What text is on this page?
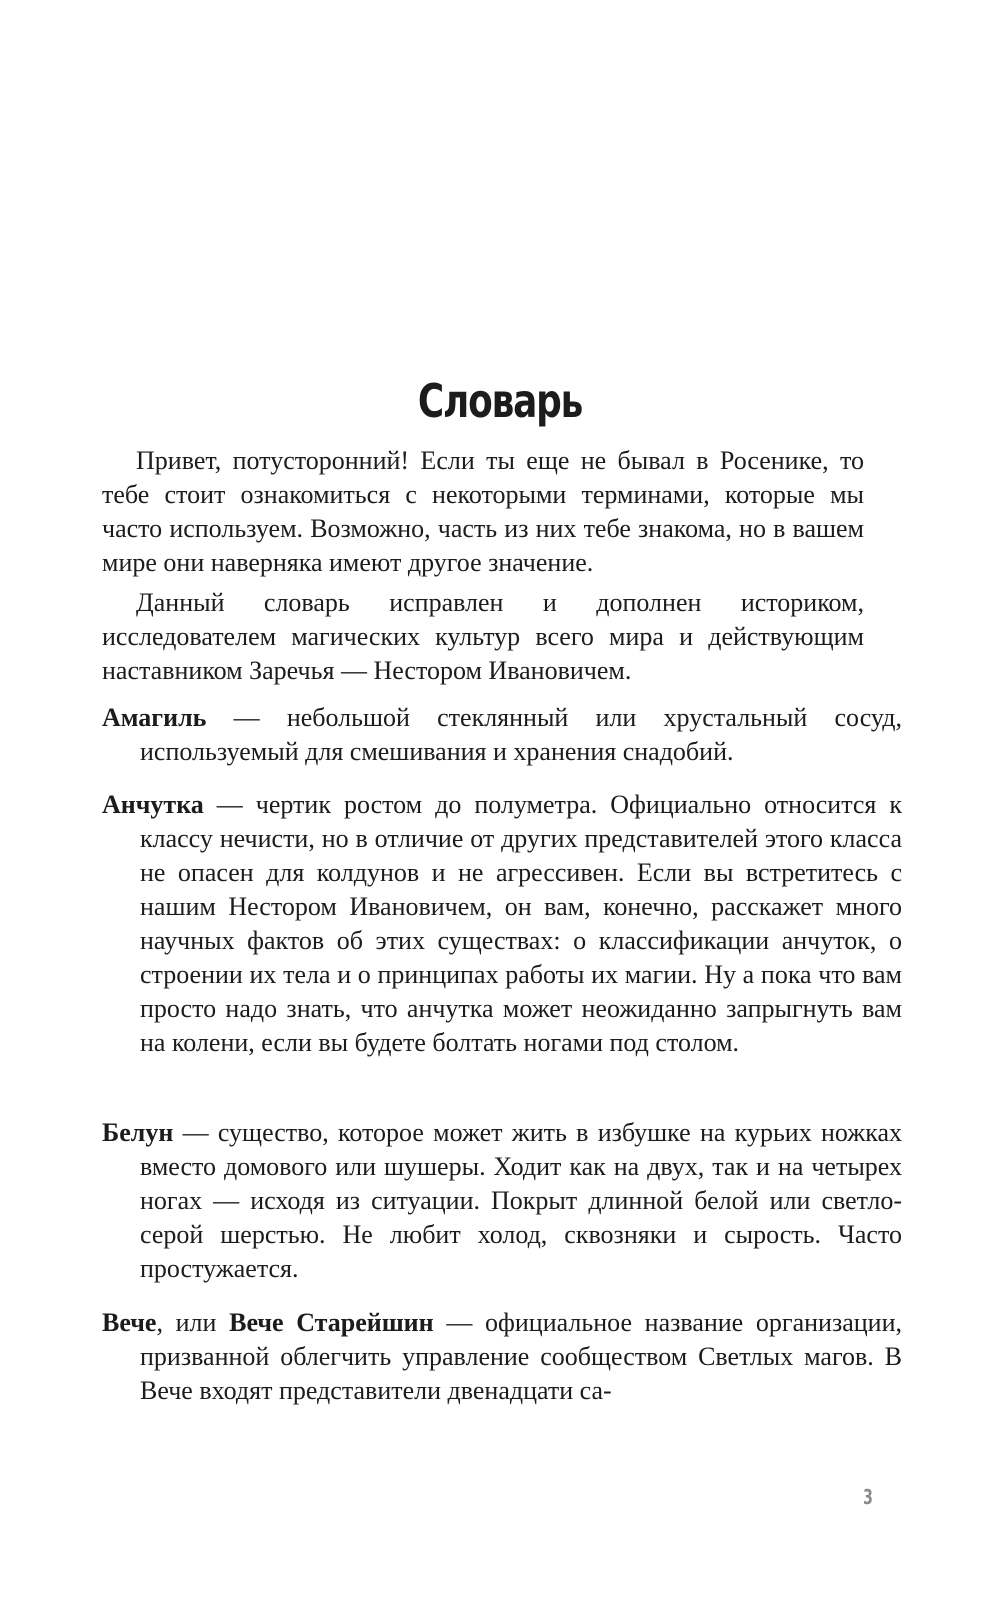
Словарь

Привет, потусторонний! Если ты еще не бывал в Росенике, то тебе стоит ознакомиться с некоторыми терминами, которые мы часто используем. Возможно, часть из них тебе знакома, но в вашем мире они наверняка имеют другое значение.

Данный словарь исправлен и дополнен историком, исследователем магических культур всего мира и действующим наставником Заречья — Нестором Ивановичем.

Амагиль — небольшой стеклянный или хрустальный сосуд, используемый для смешивания и хранения снадобий.

Анчутка — чертик ростом до полуметра. Официально относится к классу нечисти, но в отличие от других представителей этого класса не опасен для колдунов и не агрессивен. Если вы встретитесь с нашим Нестором Ивановичем, он вам, конечно, расскажет много научных фактов об этих существах: о классификации анчуток, о строении их тела и о принципах работы их магии. Ну а пока что вам просто надо знать, что анчутка может неожиданно запрыгнуть вам на колени, если вы будете болтать ногами под столом.

Белун — существо, которое может жить в избушке на курьих ножках вместо домового или шушеры. Ходит как на двух, так и на четырех ногах — исходя из ситуации. Покрыт длинной белой или светло-серой шерстью. Не любит холод, сквозняки и сырость. Часто простужается.

Вече, или Вече Старейшин — официальное название организации, призванной облегчить управление сообществом Светлых магов. В Вече входят представители двенадцати са-

3
